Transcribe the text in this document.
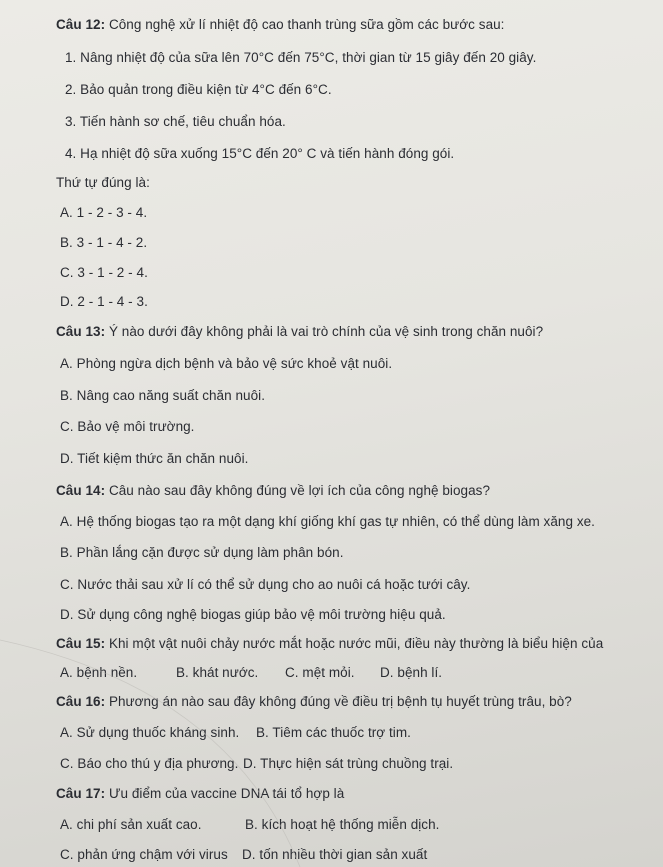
Câu 12: Công nghệ xử lí nhiệt độ cao thanh trùng sữa gồm các bước sau:
1. Nâng nhiệt độ của sữa lên 70°C đến 75°C, thời gian từ 15 giây đến 20 giây.
2. Bảo quản trong điều kiện từ 4°C đến 6°C.
3. Tiến hành sơ chế, tiêu chuẩn hóa.
4. Hạ nhiệt độ sữa xuống 15°C đến 20° C và tiến hành đóng gói.
Thứ tự đúng là:
A. 1 - 2 - 3 - 4.
B. 3 - 1 - 4 - 2.
C. 3 - 1 - 2 - 4.
D. 2 - 1 - 4 - 3.
Câu 13: Ý nào dưới đây không phải là vai trò chính của vệ sinh trong chăn nuôi?
A. Phòng ngừa dịch bệnh và bảo vệ sức khoẻ vật nuôi.
B. Nâng cao năng suất chăn nuôi.
C. Bảo vệ môi trường.
D. Tiết kiệm thức ăn chăn nuôi.
Câu 14: Câu nào sau đây không đúng về lợi ích của công nghệ biogas?
A. Hệ thống biogas tạo ra một dạng khí giống khí gas tự nhiên, có thể dùng làm xăng xe.
B. Phần lắng cặn được sử dụng làm phân bón.
C. Nước thải sau xử lí có thể sử dụng cho ao nuôi cá hoặc tưới cây.
D. Sử dụng công nghệ biogas giúp bảo vệ môi trường hiệu quả.
Câu 15: Khi một vật nuôi chảy nước mắt hoặc nước mũi, điều này thường là biểu hiện của
A. bệnh nền.	B. khát nước. C. mệt mỏi. D. bệnh lí.
Câu 16: Phương án nào sau đây không đúng về điều trị bệnh tụ huyết trùng trâu, bò?
A. Sử dụng thuốc kháng sinh. B. Tiêm các thuốc trợ tim.
C. Báo cho thú y địa phương. D. Thực hiện sát trùng chuồng trại.
Câu 17: Ưu điểm của vaccine DNA tái tổ hợp là
A. chi phí sản xuất cao.	B. kích hoạt hệ thống miễn dịch.
C. phản ứng chậm với virus D. tốn nhiều thời gian sản xuất
